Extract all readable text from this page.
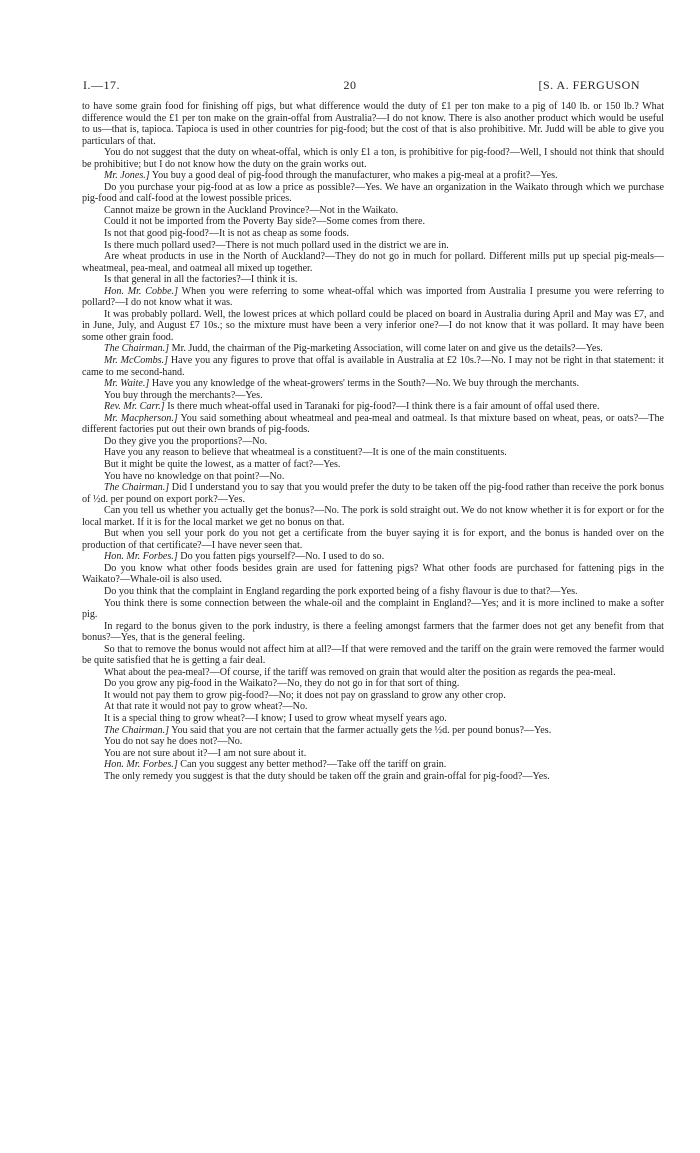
I.—17.	20	[S. A. FERGUSON

to have some grain food for finishing off pigs, but what difference would the duty of £1 per ton make to a pig of 140 lb. or 150 lb.? What difference would the £1 per ton make on the grain-offal from Australia?—I do not know. There is also another product which would be useful to us—that is, tapioca. Tapioca is used in other countries for pig-food; but the cost of that is also prohibitive. Mr. Judd will be able to give you particulars of that.

You do not suggest that the duty on wheat-offal, which is only £1 a ton, is prohibitive for pig-food?—Well, I should not think that should be prohibitive; but I do not know how the duty on the grain works out.

Mr. Jones.] You buy a good deal of pig-food through the manufacturer, who makes a pig-meal at a profit?—Yes.

Do you purchase your pig-food at as low a price as possible?—Yes. We have an organization in the Waikato through which we purchase pig-food and calf-food at the lowest possible prices.

Cannot maize be grown in the Auckland Province?—Not in the Waikato.

Could it not be imported from the Poverty Bay side?—Some comes from there.

Is not that good pig-food?—It is not as cheap as some foods.

Is there much pollard used?—There is not much pollard used in the district we are in.

Are wheat products in use in the North of Auckland?—They do not go in much for pollard. Different mills put up special pig-meals—wheatmeal, pea-meal, and oatmeal all mixed up together.

Is that general in all the factories?—I think it is.

Hon. Mr. Cobbe.] When you were referring to some wheat-offal which was imported from Australia I presume you were referring to pollard?—I do not know what it was.

It was probably pollard. Well, the lowest prices at which pollard could be placed on board in Australia during April and May was £7, and in June, July, and August £7 10s.; so the mixture must have been a very inferior one?—I do not know that it was pollard. It may have been some other grain food.

The Chairman.] Mr. Judd, the chairman of the Pig-marketing Association, will come later on and give us the details?—Yes.

Mr. McCombs.] Have you any figures to prove that offal is available in Australia at £2 10s.?—No. I may not be right in that statement: it came to me second-hand.

Mr. Waite.] Have you any knowledge of the wheat-growers' terms in the South?—No. We buy through the merchants.

You buy through the merchants?—Yes.

Rev. Mr. Carr.] Is there much wheat-offal used in Taranaki for pig-food?—I think there is a fair amount of offal used there.

Mr. Macpherson.] You said something about wheatmeal and pea-meal and oatmeal. Is that mixture based on wheat, peas, or oats?—The different factories put out their own brands of pig-foods.

Do they give you the proportions?—No.

Have you any reason to believe that wheatmeal is a constituent?—It is one of the main constituents.

But it might be quite the lowest, as a matter of fact?—Yes.

You have no knowledge on that point?—No.

The Chairman.] Did I understand you to say that you would prefer the duty to be taken off the pig-food rather than receive the pork bonus of ½d. per pound on export pork?—Yes.

Can you tell us whether you actually get the bonus?—No. The pork is sold straight out. We do not know whether it is for export or for the local market. If it is for the local market we get no bonus on that.

But when you sell your pork do you not get a certificate from the buyer saying it is for export, and the bonus is handed over on the production of that certificate?—I have never seen that.

Hon. Mr. Forbes.] Do you fatten pigs yourself?—No. I used to do so.

Do you know what other foods besides grain are used for fattening pigs? What other foods are purchased for fattening pigs in the Waikato?—Whale-oil is also used.

Do you think that the complaint in England regarding the pork exported being of a fishy flavour is due to that?—Yes.

You think there is some connection between the whale-oil and the complaint in England?—Yes; and it is more inclined to make a softer pig.

In regard to the bonus given to the pork industry, is there a feeling amongst farmers that the farmer does not get any benefit from that bonus?—Yes, that is the general feeling.

So that to remove the bonus would not affect him at all?—If that were removed and the tariff on the grain were removed the farmer would be quite satisfied that he is getting a fair deal.

What about the pea-meal?—Of course, if the tariff was removed on grain that would alter the position as regards the pea-meal.

Do you grow any pig-food in the Waikato?—No, they do not go in for that sort of thing.

It would not pay them to grow pig-food?—No; it does not pay on grassland to grow any other crop.

At that rate it would not pay to grow wheat?—No.

It is a special thing to grow wheat?—I know; I used to grow wheat myself years ago.

The Chairman.] You said that you are not certain that the farmer actually gets the ½d. per pound bonus?—Yes.

You do not say he does not?—No.

You are not sure about it?—I am not sure about it.

Hon. Mr. Forbes.] Can you suggest any better method?—Take off the tariff on grain.

The only remedy you suggest is that the duty should be taken off the grain and grain-offal for pig-food?—Yes.
